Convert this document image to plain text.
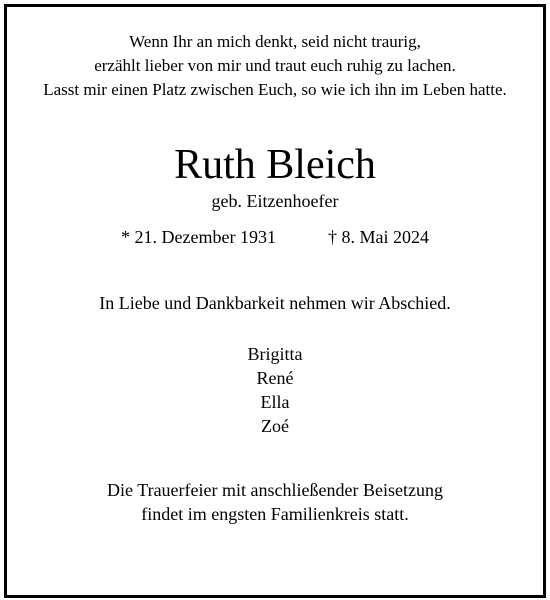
Wenn Ihr an mich denkt, seid nicht traurig,
erzählt lieber von mir und traut euch ruhig zu lachen.
Lasst mir einen Platz zwischen Euch, so wie ich ihn im Leben hatte.
Ruth Bleich
geb. Eitzenhoefer
* 21. Dezember 1931	† 8. Mai 2024
In Liebe und Dankbarkeit nehmen wir Abschied.
Brigitta
René
Ella
Zoé
Die Trauerfeier mit anschließender Beisetzung
findet im engsten Familienkreis statt.
